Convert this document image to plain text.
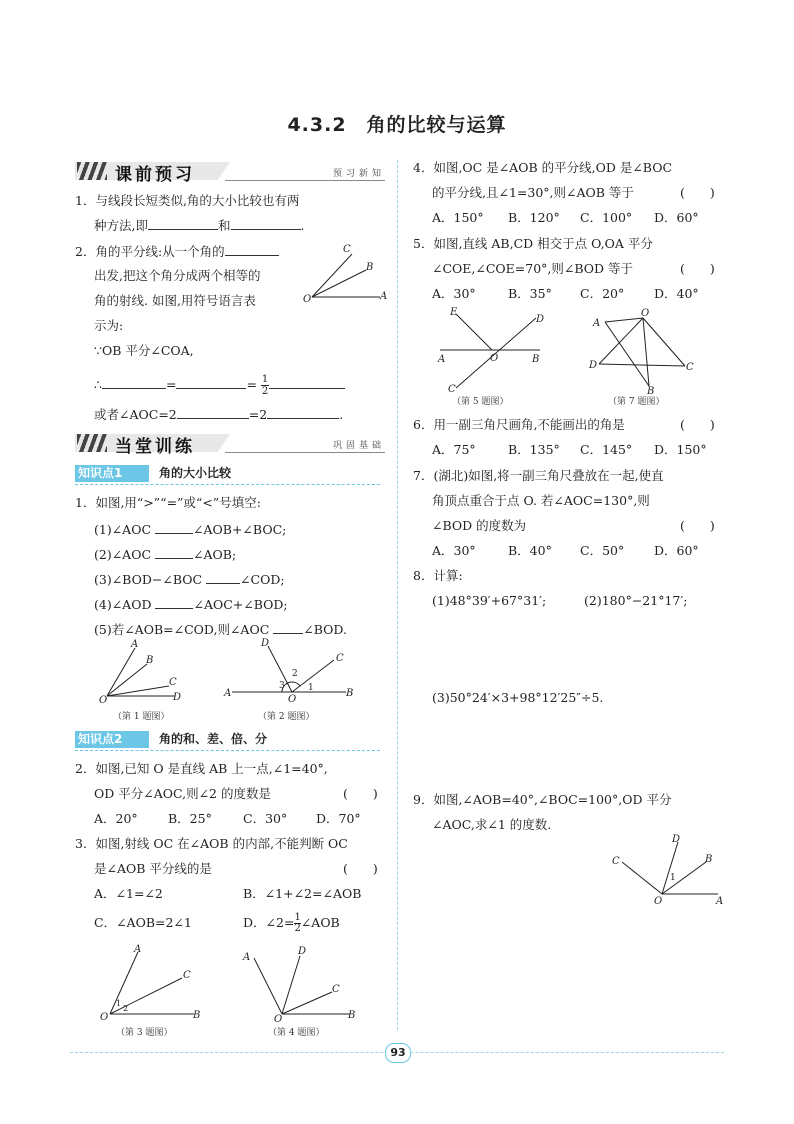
4.3.2　角的比较与运算
课前预习	预习新知
1．与线段长短类似,角的大小比较也有两
种方法,即	和	.
2．角的平分线:从一个角的
出发,把这个角分成两个相等的
角的射线. 如图,用符号语言表
示为:
∵OB 平分∠COA,
∴	=	= $\frac{1}{2}$
或者∠AOC=2	=2	.
O	A
C
B
当堂训练	巩固基础
知识点1	角的大小比较
1．如图,用“>”“=”或“<”号填空:
(1)∠AOC	∠AOB+∠BOC;
(2)∠AOC	∠AOB;
(3)∠BOD−∠BOC	∠COD;
(4)∠AOD	∠AOC+∠BOD;
(5)若∠AOB=∠COD,则∠AOC	∠BOD.
O
A
B
C
D
（第 1 题图）
A	B
O
D
C
3
2
1
（第 2 题图）
知识点2	角的和、差、倍、分
2．如图,已知 O 是直线 AB 上一点,∠1=40°,
OD 平分∠AOC,则∠2 的度数是	(　　)
A．20° B．25° C．30° D．70°
3．如图,射线 OC 在∠AOB 的内部,不能判断 OC
是∠AOB 平分线的是	(　　)
A．∠1=∠2	B．∠1+∠2=∠AOB
C．∠AOB=2∠1	D．∠2= $\frac{1}{2}$ ∠AOB
O
A
C
B
1
2
（第 3 题图）
A
D
C
B
O
（第 4 题图）
4．如图,OC 是∠AOB 的平分线,OD 是∠BOC
的平分线,且∠1=30°,则∠AOB 等于	(　　)
A．150° B．120° C．100° D．60°
5．如图,直线 AB,CD 相交于点 O,OA 平分
∠COE,∠COE=70°,则∠BOD 等于	(　　)
A．30°	B．35° C．20° D．40°
E
D
A	B
O
C
（第 5 题图）
A
O
D	C
B
（第 7 题图）
6．用一副三角尺画角,不能画出的角是	(　　)
A．75°	B．135° C．145° D．150°
7．(湖北)如图,将一副三角尺叠放在一起,使直
角顶点重合于点 O. 若∠AOC=130°,则
∠BOD 的度数为	(　　)
A．30°	B．40° C．50° D．60°
8．计算:
(1)48°39′+67°31′;	(2)180°−21°17′;
(3)50°24′×3+98°12′25″÷5.
9．如图,∠AOB=40°,∠BOC=100°,OD 平分
∠AOC,求∠1 的度数.
C
D
B
A
O
1
93
